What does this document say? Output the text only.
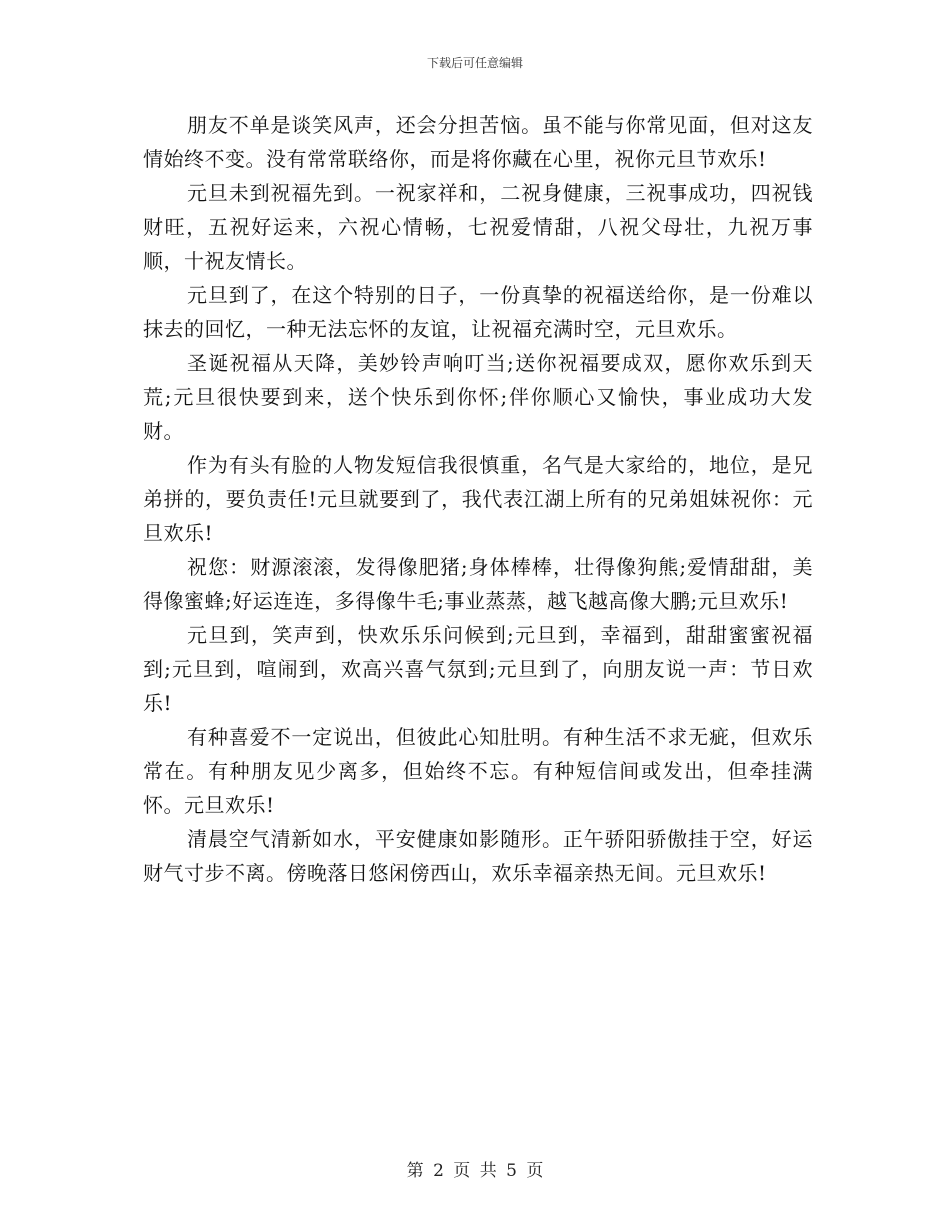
下载后可任意编辑

朋友不单是谈笑风声，还会分担苦恼。虽不能与你常见面，但对这友情始终不变。没有常常联络你，而是将你藏在心里，祝你元旦节欢乐!

元旦未到祝福先到。一祝家祥和，二祝身健康，三祝事成功，四祝钱财旺，五祝好运来，六祝心情畅，七祝爱情甜，八祝父母壮，九祝万事顺，十祝友情长。

元旦到了，在这个特别的日子，一份真挚的祝福送给你，是一份难以抹去的回忆，一种无法忘怀的友谊，让祝福充满时空，元旦欢乐。

圣诞祝福从天降，美妙铃声响叮当;送你祝福要成双，愿你欢乐到天荒;元旦很快要到来，送个快乐到你怀;伴你顺心又愉快，事业成功大发财。

作为有头有脸的人物发短信我很慎重，名气是大家给的，地位，是兄弟拼的，要负责任!元旦就要到了，我代表江湖上所有的兄弟姐妹祝你：元旦欢乐!

祝您：财源滚滚，发得像肥猪;身体棒棒，壮得像狗熊;爱情甜甜，美得像蜜蜂;好运连连，多得像牛毛;事业蒸蒸，越飞越高像大鹏;元旦欢乐!

元旦到，笑声到，快欢乐乐问候到;元旦到，幸福到，甜甜蜜蜜祝福到;元旦到，喧闹到，欢高兴喜气氛到;元旦到了，向朋友说一声：节日欢乐!

有种喜爱不一定说出，但彼此心知肚明。有种生活不求无疵，但欢乐常在。有种朋友见少离多，但始终不忘。有种短信间或发出，但牵挂满怀。元旦欢乐!

清晨空气清新如水，平安健康如影随形。正午骄阳骄傲挂于空，好运财气寸步不离。傍晚落日悠闲傍西山，欢乐幸福亲热无间。元旦欢乐!

第 2 页 共 5 页
